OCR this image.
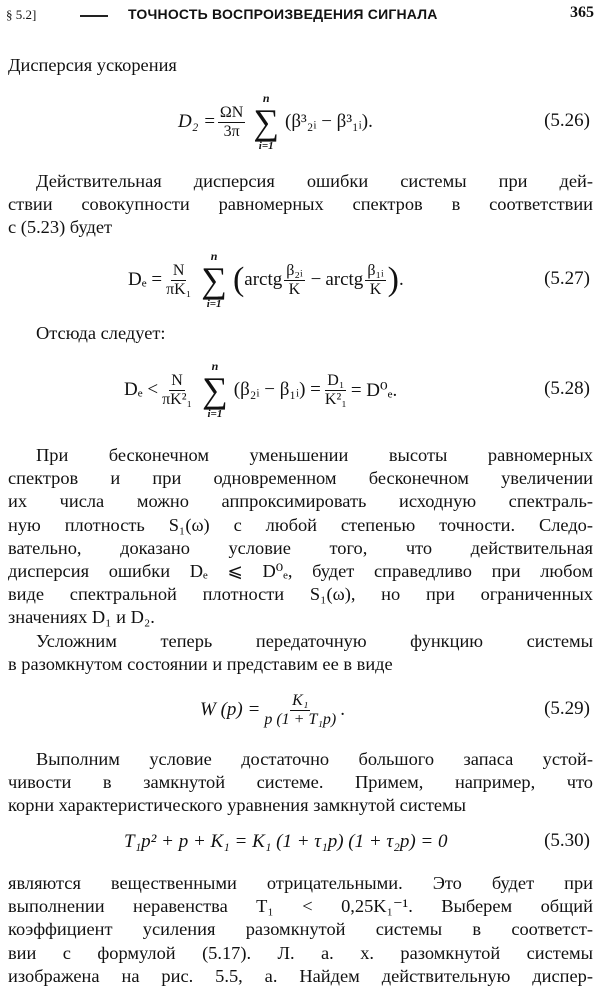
§ 5.2]	ТОЧНОСТЬ ВОСПРОИЗВЕДЕНИЯ СИГНАЛА	365
Дисперсия ускорения
$D_2 = \frac{\Omega N}{3\pi}$
n
∑
i=1
(β³₂ᵢ − β³₁ᵢ).	(5.26)
Действительная дисперсия ошибки системы при дей-
ствии совокупности равномерных спектров в соответствии
с (5.23) будет
$D_e = \frac{N}{\text{πK₁}}$
n
∑
i=1
( arctg $\frac{\text{β₂ᵢ}}{K}$ − arctg $\frac{\text{β₁ᵢ}}{K}$ ) .	(5.27)
Отсюда следует:
$D_e < \frac{N}{\text{πK²₁}}$
n
∑
i=1
(β₂ᵢ − β₁ᵢ) = $\frac{\text{D₁}}{\text{K²₁}} = D^0_e$.	(5.28)
При бесконечном уменьшении высоты равномерных
спектров и при одновременном бесконечном увеличении
их числа можно аппроксимировать исходную спектраль-
ную плотность S₁(ω) с любой степенью точности. Следо-
вательно, доказано условие того, что действительная
дисперсия ошибки Dₑ ⩽ D⁰ₑ, будет справедливо при любом
виде спектральной плотности S₁(ω), но при ограниченных
значениях D₁ и D₂.
Усложним теперь передаточную функцию системы
в разомкнутом состоянии и представим ее в виде
W $(p) = \frac{\text{K₁}}{\text{p (1 + T₁p)}}$ .	(5.29)
Выполним условие достаточно большого запаса устой-
чивости в замкнутой системе. Примем, например, что
корни характеристического уравнения замкнутой системы
T₁p² + p + K₁ = K₁ (1 + τ₁p) (1 + τ₂p) = 0	(5.30)
являются вещественными отрицательными. Это будет при
выполнении неравенства T₁ < 0,25K₁⁻¹. Выберем общий
коэффициент усиления разомкнутой системы в соответст-
вии с формулой (5.17). Л. а. х. разомкнутой системы
изображена на рис. 5.5, а. Найдем действительную диспер-
